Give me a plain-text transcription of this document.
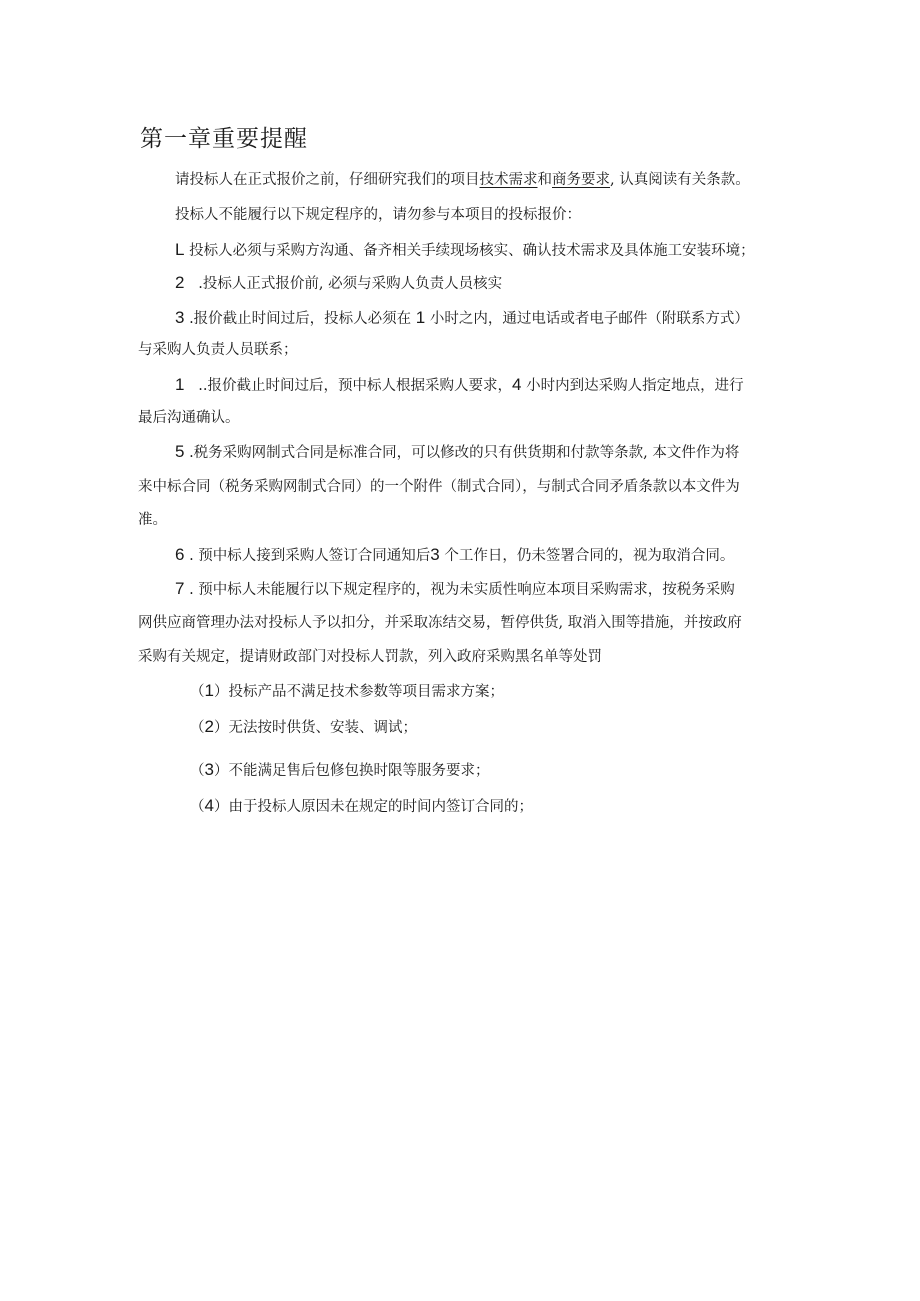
第一章重要提醒
请投标人在正式报价之前，仔细研究我们的项目技术需求和商务要求, 认真阅读有关条款。
投标人不能履行以下规定程序的，请勿参与本项目的投标报价：
L 投标人必须与采购方沟通、备齐相关手续现场核实、确认技术需求及具体施工安装环境；
2 .投标人正式报价前, 必须与采购人负责人员核实
3 .报价截止时间过后，投标人必须在 1 小时之内，通过电话或者电子邮件（附联系方式）
与采购人负责人员联系；
1 ..报价截止时间过后，预中标人根据采购人要求，4 小时内到达采购人指定地点，进行
最后沟通确认。
5 .税务采购网制式合同是标准合同，可以修改的只有供货期和付款等条款, 本文件作为将
来中标合同（税务采购网制式合同）的一个附件（制式合同），与制式合同矛盾条款以本文件为
准。
6 . 预中标人接到采购人签订合同通知后3 个工作日，仍未签署合同的，视为取消合同。
7 . 预中标人未能履行以下规定程序的，视为未实质性响应本项目采购需求，按税务采购
网供应商管理办法对投标人予以扣分，并采取冻结交易，暂停供货, 取消入围等措施，并按政府
采购有关规定，提请财政部门对投标人罚款，列入政府采购黑名单等处罚
（1）投标产品不满足技术参数等项目需求方案；
（2）无法按时供货、安装、调试；
（3）不能满足售后包修包换时限等服务要求；
（4）由于投标人原因未在规定的时间内签订合同的；
